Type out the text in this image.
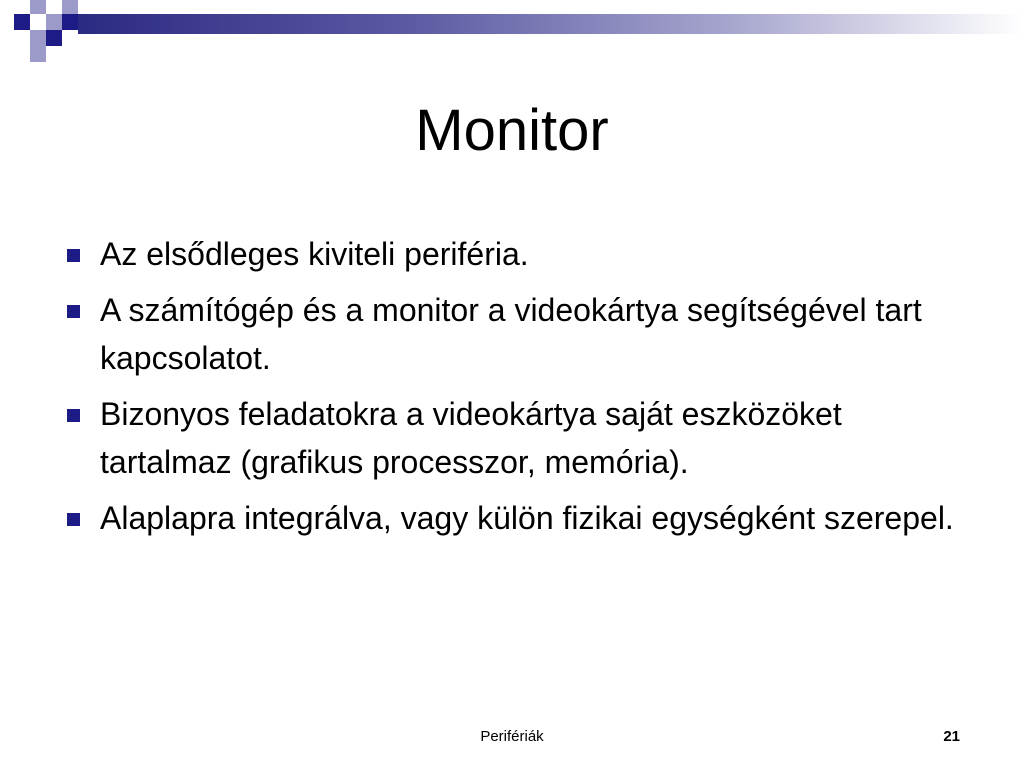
Monitor
Az elsődleges kiviteli periféria.
A számítógép és a monitor a videokártya segítségével tart kapcsolatot.
Bizonyos feladatokra a videokártya saját eszközöket tartalmaz (grafikus processzor, memória).
Alaplapra integrálva, vagy külön fizikai egységként szerepel.
Perifériák	21
